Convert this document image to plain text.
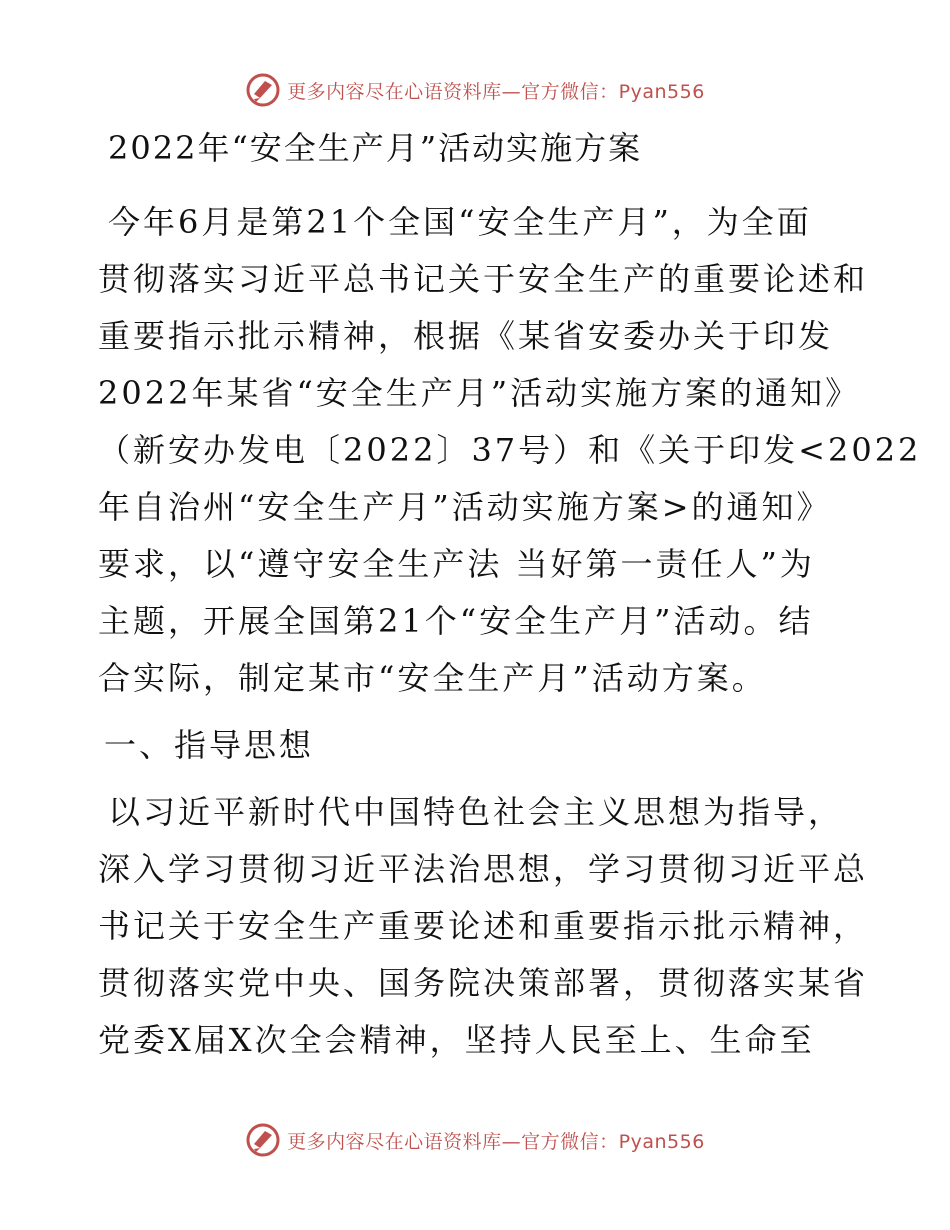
更多内容尽在心语资料库—官方微信：Pyan556
2022年“安全生产月”活动实施方案
今年6月是第21个全国“安全生产月”，为全面
贯彻落实习近平总书记关于安全生产的重要论述和
重要指示批示精神，根据《某省安委办关于印发
2022年某省“安全生产月”活动实施方案的通知》
（新安办发电〔2022〕37号）和《关于印发<2022
年自治州“安全生产月”活动实施方案>的通知》
要求，以“遵守安全生产法 当好第一责任人”为
主题，开展全国第21个“安全生产月”活动。结
合实际，制定某市“安全生产月”活动方案。
一、指导思想
以习近平新时代中国特色社会主义思想为指导，
深入学习贯彻习近平法治思想，学习贯彻习近平总
书记关于安全生产重要论述和重要指示批示精神，
贯彻落实党中央、国务院决策部署，贯彻落实某省
党委X届X次全会精神，坚持人民至上、生命至
更多内容尽在心语资料库—官方微信：Pyan556
